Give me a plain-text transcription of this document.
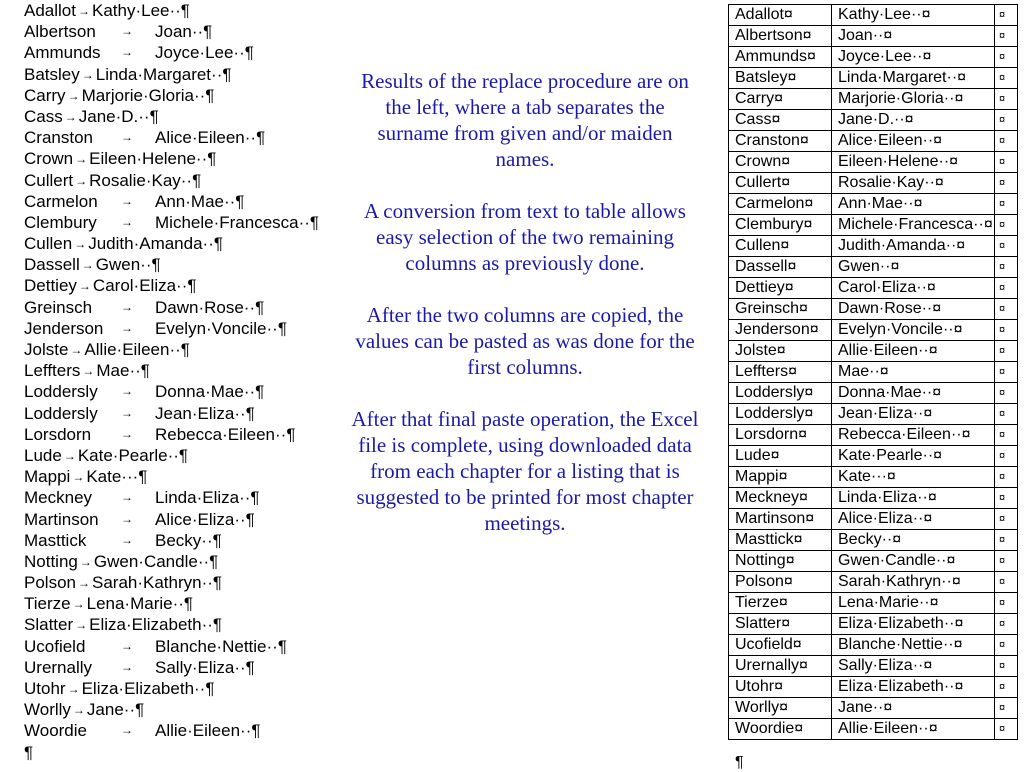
Adallot → Kathy·Lee··¶
Albertson → Joan··¶
Ammunds → Joyce·Lee··¶
Batsley → Linda·Margaret··¶
Carry → Marjorie·Gloria··¶
Cass → Jane·D.··¶
Cranston → Alice·Eileen··¶
Crown → Eileen·Helene··¶
Cullert → Rosalie·Kay··¶
Carmelon → Ann·Mae··¶
Clembury → Michele·Francesca··¶
Cullen → Judith·Amanda··¶
Dassell → Gwen··¶
Dettiey → Carol·Eliza··¶
Greinsch → Dawn·Rose··¶
Jenderson → Evelyn·Voncile··¶
Jolste → Allie·Eileen··¶
Leffters → Mae··¶
Loddersly → Donna·Mae··¶
Loddersly → Jean·Eliza··¶
Lorsdorn → Rebecca·Eileen··¶
Lude → Kate·Pearle··¶
Mappi → Kate···¶
Meckney → Linda·Eliza··¶
Martinson → Alice·Eliza··¶
Masttick	→ Becky··¶
Notting → Gwen·Candle··¶
Polson → Sarah·Kathryn··¶
Tierze → Lena·Marie··¶
Slatter → Eliza·Elizabeth··¶
Ucofield	→ Blanche·Nettie··¶
Urernally → Sally·Eliza··¶
Utohr → Eliza·Elizabeth··¶
Worlly → Jane··¶
Woordie	→ Allie·Eileen··¶
¶

Results of the replace procedure are on the left, where a tab separates the surname from given and/or maiden names.

A conversion from text to table allows easy selection of the two remaining columns as previously done.

After the two columns are copied, the values can be pasted as was done for the first columns.

After that final paste operation, the Excel file is complete, using downloaded data from each chapter for a listing that is suggested to be printed for most chapter meetings.

Adallot¤	Kathy·Lee··¤	¤
Albertson¤	Joan··¤	¤
Ammunds¤	Joyce·Lee··¤	¤
Batsley¤	Linda·Margaret··¤	¤
Carry¤	Marjorie·Gloria··¤	¤
Cass¤	Jane·D.··¤	¤
Cranston¤	Alice·Eileen··¤	¤
Crown¤	Eileen·Helene··¤	¤
Cullert¤	Rosalie·Kay··¤	¤
Carmelon¤	Ann·Mae··¤	¤
Clembury¤	Michele·Francesca··¤	¤
Cullen¤	Judith·Amanda··¤	¤
Dassell¤	Gwen··¤	¤
Dettiey¤	Carol·Eliza··¤	¤
Greinsch¤	Dawn·Rose··¤	¤
Jenderson¤	Evelyn·Voncile··¤	¤
Jolste¤	Allie·Eileen··¤	¤
Leffters¤	Mae··¤	¤
Loddersly¤	Donna·Mae··¤	¤
Loddersly¤	Jean·Eliza··¤	¤
Lorsdorn¤	Rebecca·Eileen··¤	¤
Lude¤	Kate·Pearle··¤	¤
Mappi¤	Kate···¤	¤
Meckney¤	Linda·Eliza··¤	¤
Martinson¤	Alice·Eliza··¤	¤
Masttick¤	Becky··¤	¤
Notting¤	Gwen·Candle··¤	¤
Polson¤	Sarah·Kathryn··¤	¤
Tierze¤	Lena·Marie··¤	¤
Slatter¤	Eliza·Elizabeth··¤	¤
Ucofield¤	Blanche·Nettie··¤	¤
Urernally¤	Sally·Eliza··¤	¤
Utohr¤	Eliza·Elizabeth··¤	¤
Worlly¤	Jane··¤	¤
Woordie¤	Allie·Eileen··¤	¤
¶
